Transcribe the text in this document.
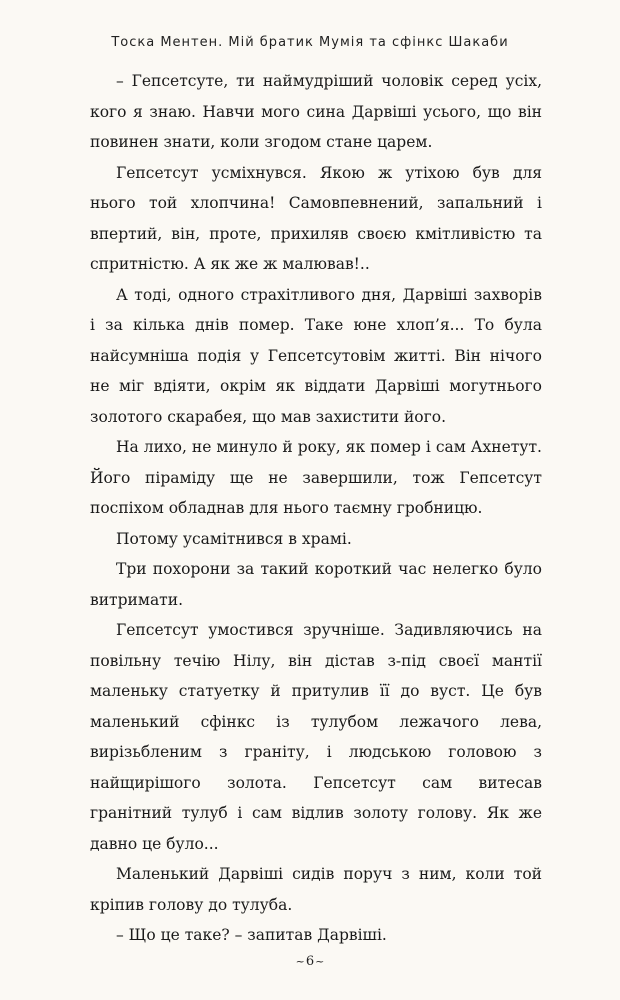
Тоска Ментен. Мій братик Мумія та сфінкс Шакаби

– Гепсетсуте, ти наймудріший чоловік серед усіх, кого я знаю. Навчи мого сина Дарвіші усього, що він повинен знати, коли згодом стане царем.

Гепсетсут усміхнувся. Якою ж утіхою був для нього той хлопчина! Самовпевнений, запальний і впертий, він, проте, прихиляв своєю кмітливістю та спритністю. А як же ж малював!..

А тоді, одного страхітливого дня, Дарвіші захворів і за кілька днів помер. Таке юне хлоп’я... То була найсумніша подія у Гепсетсутовім житті. Він нічого не міг вдіяти, окрім як віддати Дарвіші могутнього золотого скарабея, що мав захистити його.

На лихо, не минуло й року, як помер і сам Ахнетут. Його піраміду ще не завершили, тож Гепсетсут поспіхом обладнав для нього таємну гробницю.

Потому усамітнився в храмі.

Три похорони за такий короткий час нелегко було витримати.

Гепсетсут умостився зручніше. Задивляючись на повільну течію Нілу, він дістав з-під своєї мантії маленьку статуетку й притулив її до вуст. Це був маленький сфінкс із тулубом лежачого лева, вирізьбленим з граніту, і людською головою з найщирішого золота. Гепсетсут сам витесав гранітний тулуб і сам відлив золоту голову. Як же давно це було...

Маленький Дарвіші сидів поруч з ним, коли той кріпив голову до тулуба.

– Що це таке? – запитав Дарвіші.

~6~
